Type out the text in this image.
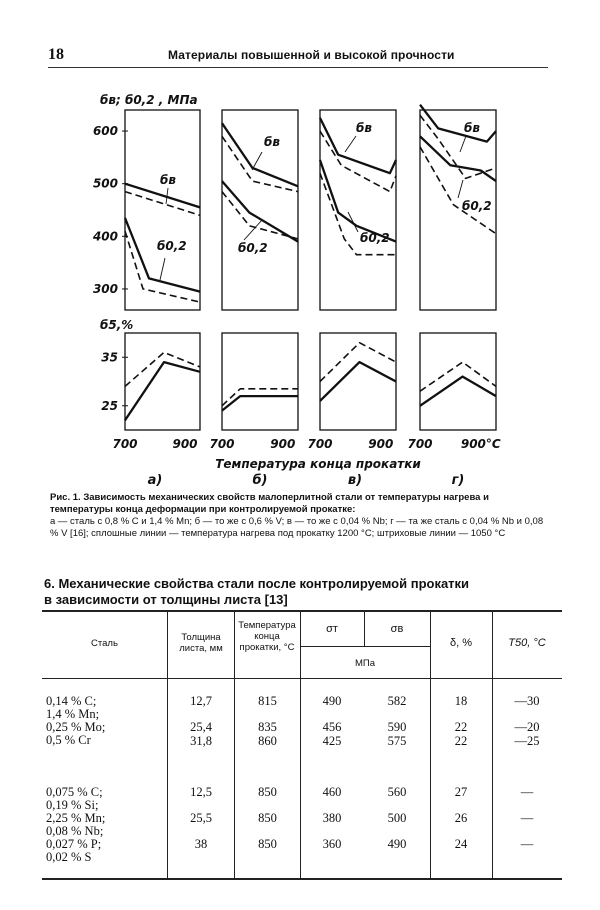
18	Материалы повышенной и высокой прочности
600
500
400
300
35
25
бв; б0,2 , МПа
б5,%
700	900 700	900 700	900 700 900°С
Температура конца прокатки
а)	б)	в)	г)
бв
б0,2
бв
б0,2
бв
б0,2
бв
б0,2
Рис. 1. Зависимость механических свойств малоперлитной стали от температуры нагрева и температуры конца деформации при контролируемой прокатке:
а — сталь с 0,8 % С и 1,4 % Mn; б — то же с 0,6 % V; в — то же с 0,04 % Nb; г — та же сталь с 0,04 % Nb и 0,08 % V [16]; сплошные линии — температура нагрева под прокатку 1200 °С; штриховые линии — 1050 °С
6. Механические свойства стали после контролируемой прокатки
в зависимости от толщины листа [13]
Сталь
Толщина листа, мм
Температура конца прокатки, °С
σт	σв
МПа
δ, %	T50, °С
0,14 % С;
1,4 % Mn;
0,25 % Mo;
0,5 % Cr
12,7	815	490	582	18	—30
25,4	835	456	590	22	—20
31,8	860	425	575	22	—25
0,075 % С;
0,19 % Si;
2,25 % Mn;
0,08 % Nb;
0,027 % P;
0,02 % S
12,5	850	460	560	27	—
25,5	850	380	500	26	—
38	850	360	490	24	—
